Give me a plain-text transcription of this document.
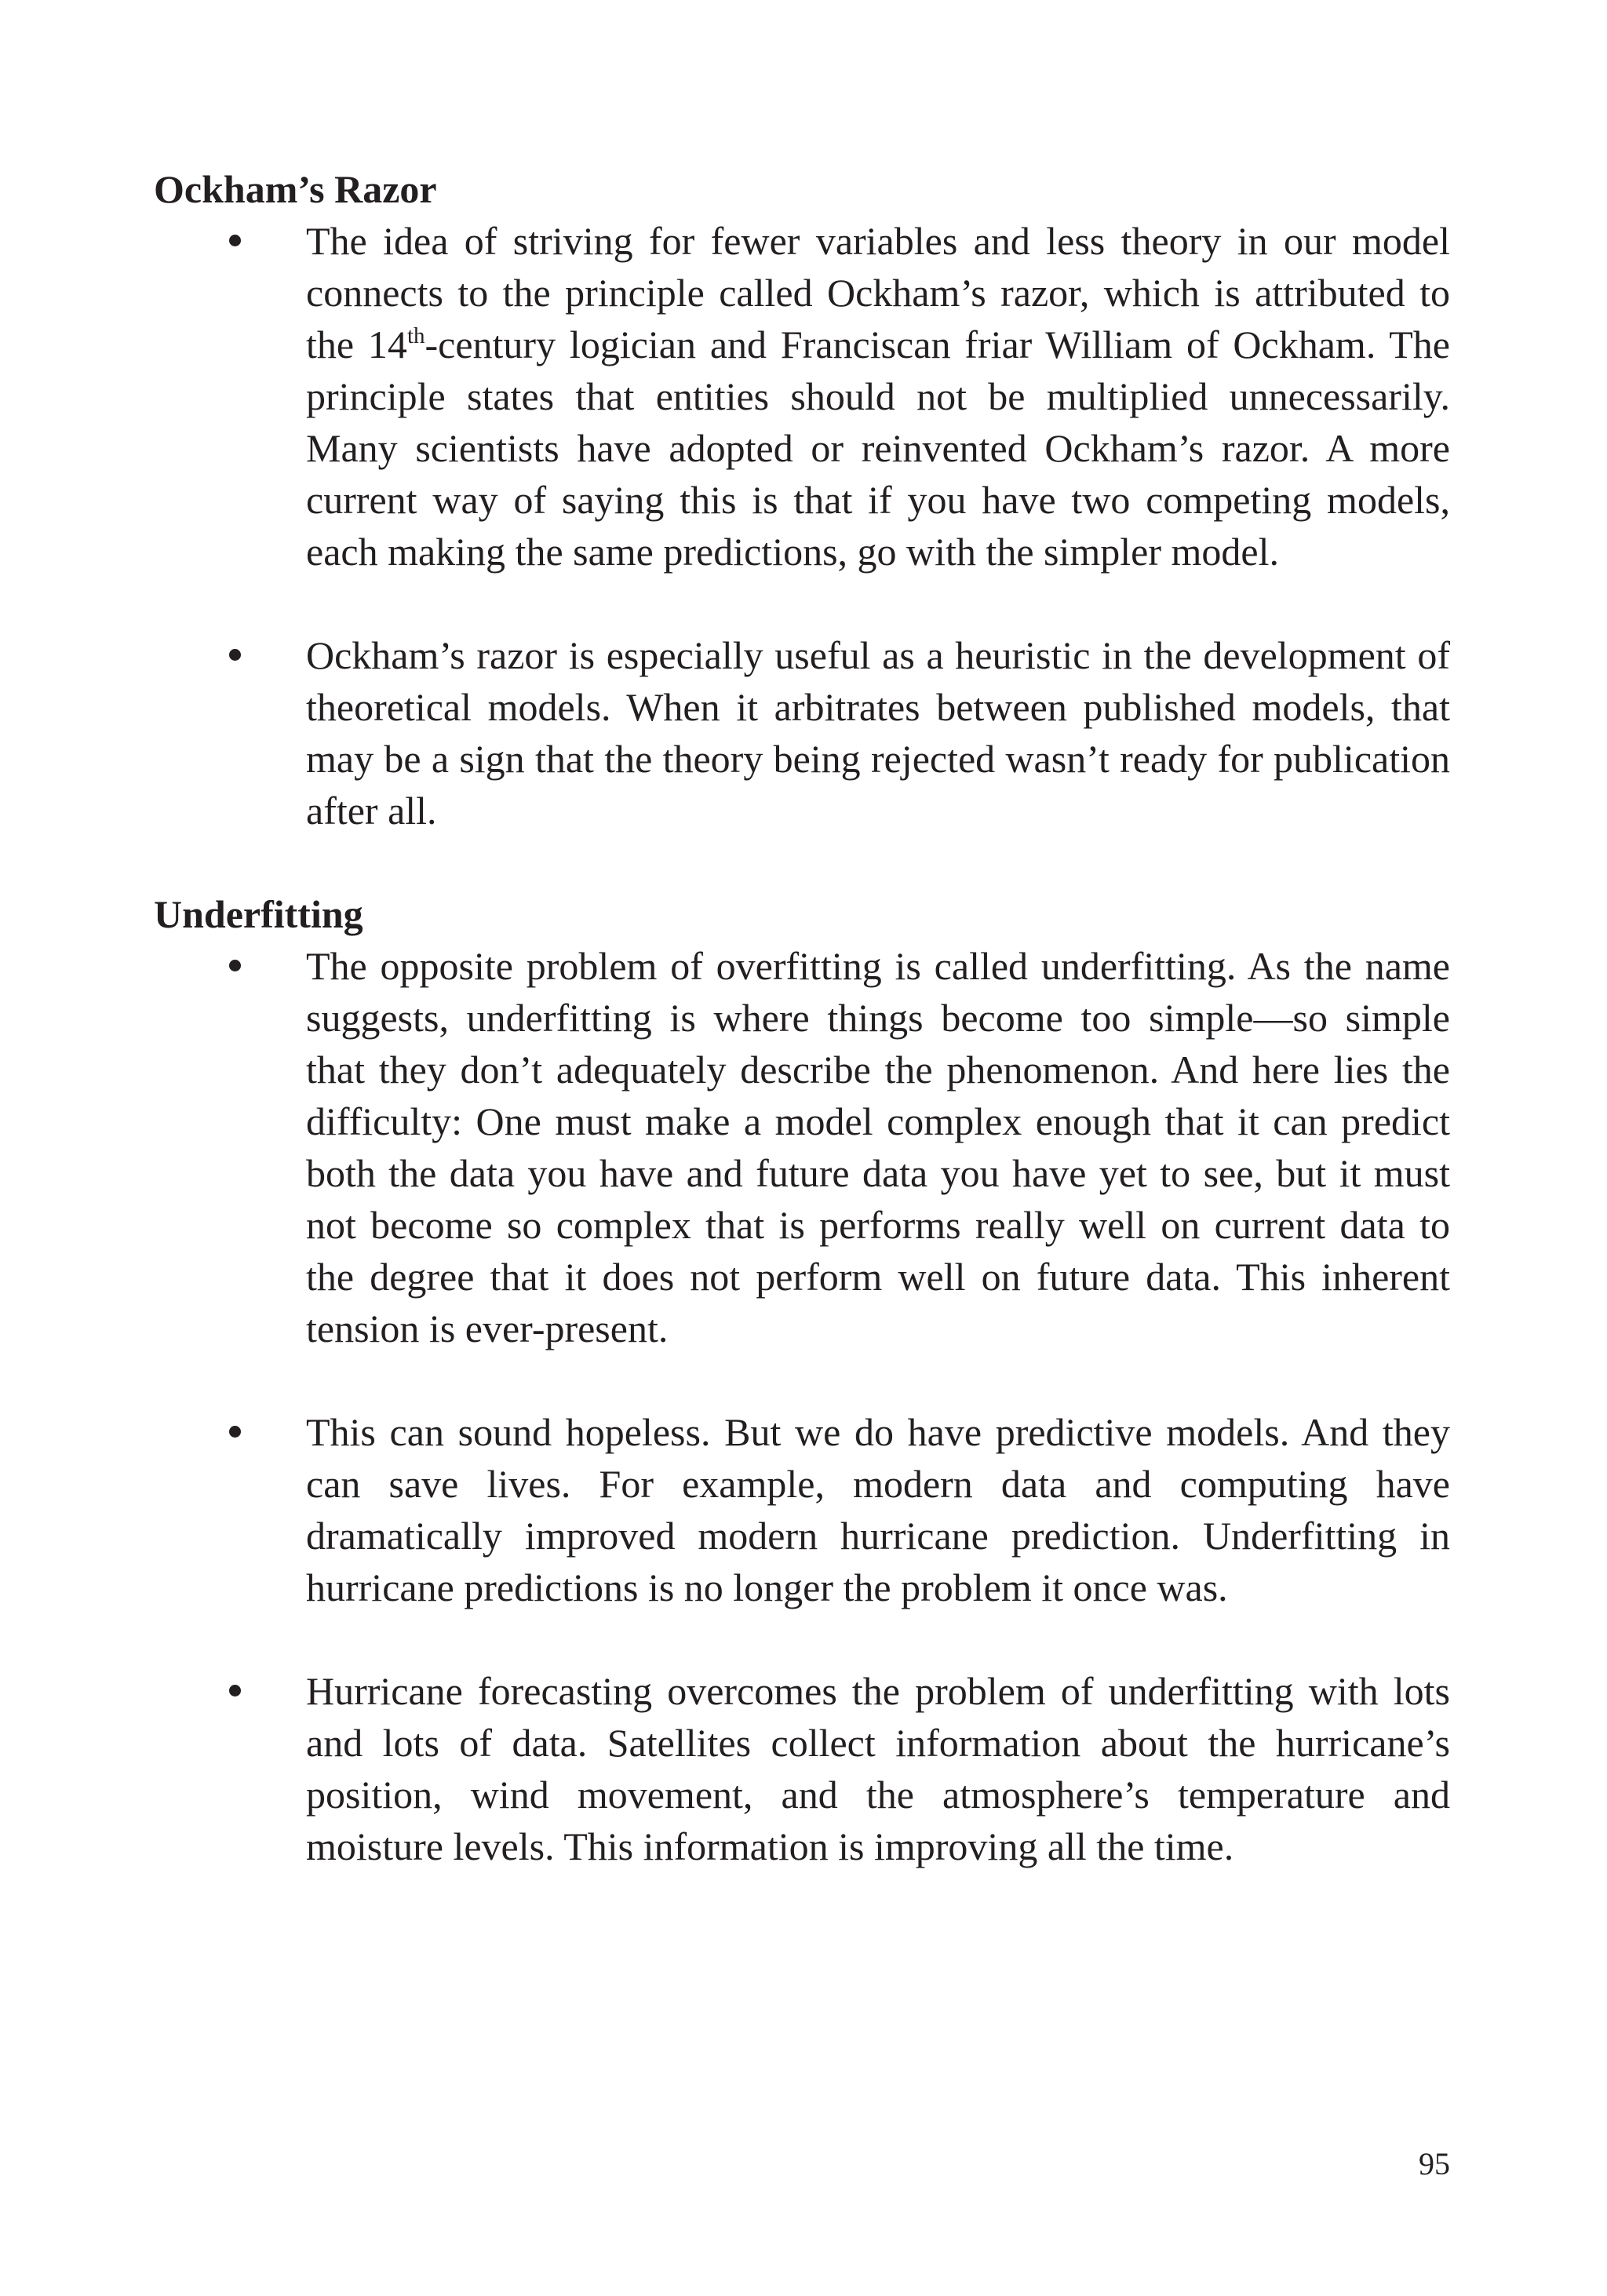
Ockham’s Razor
The idea of striving for fewer variables and less theory in our model connects to the principle called Ockham’s razor, which is attributed to the 14th-century logician and Franciscan friar William of Ockham. The principle states that entities should not be multiplied unnecessarily. Many scientists have adopted or reinvented Ockham’s razor. A more current way of saying this is that if you have two competing models, each making the same predictions, go with the simpler model.
Ockham’s razor is especially useful as a heuristic in the development of theoretical models. When it arbitrates between published models, that may be a sign that the theory being rejected wasn’t ready for publication after all.
Underfitting
The opposite problem of overfitting is called underfitting. As the name suggests, underfitting is where things become too simple—so simple that they don’t adequately describe the phenomenon. And here lies the difficulty: One must make a model complex enough that it can predict both the data you have and future data you have yet to see, but it must not become so complex that is performs really well on current data to the degree that it does not perform well on future data. This inherent tension is ever-present.
This can sound hopeless. But we do have predictive models. And they can save lives. For example, modern data and computing have dramatically improved modern hurricane prediction. Underfitting in hurricane predictions is no longer the problem it once was.
Hurricane forecasting overcomes the problem of underfitting with lots and lots of data. Satellites collect information about the hurricane’s position, wind movement, and the atmosphere’s temperature and moisture levels. This information is improving all the time.
95
